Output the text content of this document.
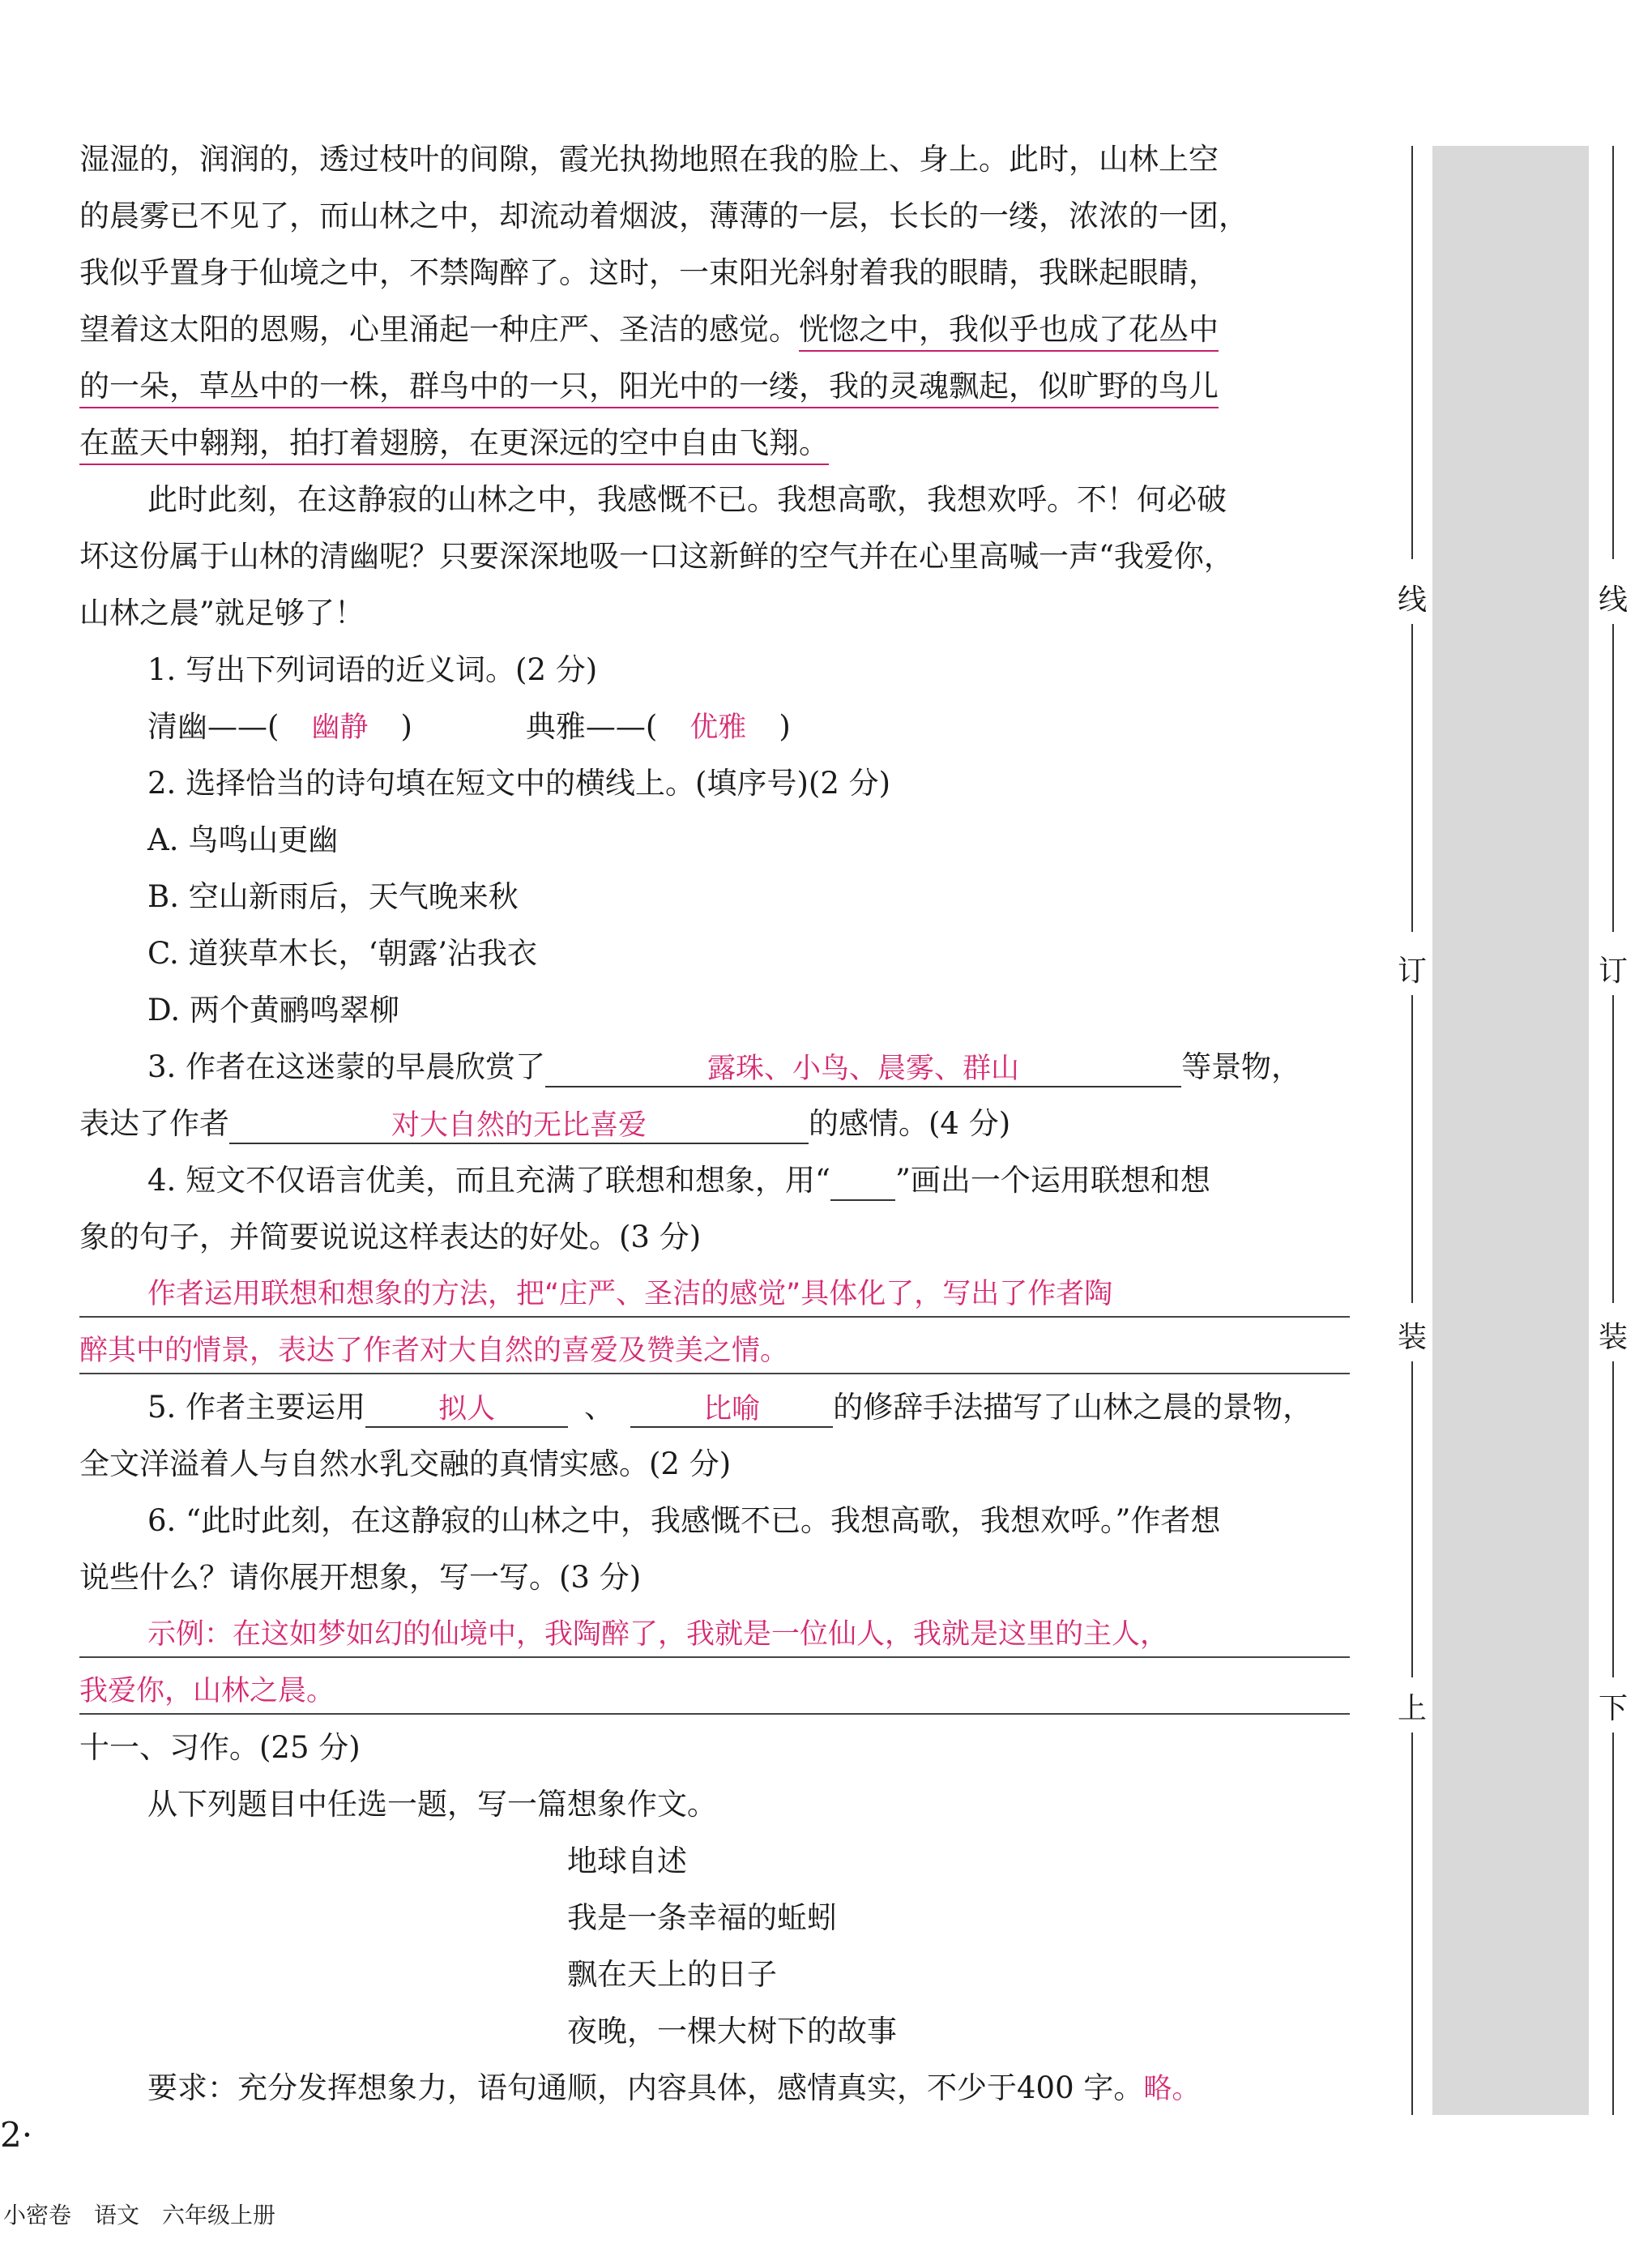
湿湿的，润润的，透过枝叶的间隙，霞光执拗地照在我的脸上、身上。此时，山林上空
的晨雾已不见了，而山林之中，却流动着烟波，薄薄的一层，长长的一缕，浓浓的一团，
我似乎置身于仙境之中，不禁陶醉了。这时，一束阳光斜射着我的眼睛，我眯起眼睛，
望着这太阳的恩赐，心里涌起一种庄严、圣洁的感觉。恍惚之中，我似乎也成了花丛中
的一朵，草丛中的一株，群鸟中的一只，阳光中的一缕，我的灵魂飘起，似旷野的鸟儿
在蓝天中翱翔，拍打着翅膀，在更深远的空中自由飞翔。
此时此刻，在这静寂的山林之中，我感慨不已。我想高歌，我想欢呼。不！何必破
坏这份属于山林的清幽呢？只要深深地吸一口这新鲜的空气并在心里高喊一声“我爱你，
山林之晨”就足够了！
1. 写出下列词语的近义词。(2 分)
清幽——( 幽静 )	典雅——( 优雅 )
2. 选择恰当的诗句填在短文中的横线上。(填序号)(2 分)
A. 鸟鸣山更幽
B. 空山新雨后，天气晚来秋
C. 道狭草木长，‘朝露’沾我衣
D. 两个黄鹂鸣翠柳
3. 作者在这迷蒙的早晨欣赏了	露珠、小鸟、晨雾、群山	等景物，
表达了作者	对大自然的无比喜爱	的感情。(4 分)
4. 短文不仅语言优美，而且充满了联想和想象，用“ ”画出一个运用联想和想
象的句子，并简要说说这样表达的好处。(3 分)
作者运用联想和想象的方法，把“庄严、圣洁的感觉”具体化了，写出了作者陶
醉其中的情景，表达了作者对大自然的喜爱及赞美之情。
5. 作者主要运用	拟人	、	比喻 的修辞手法描写了山林之晨的景物，
全文洋溢着人与自然水乳交融的真情实感。(2 分)
6. “此时此刻，在这静寂的山林之中，我感慨不已。我想高歌，我想欢呼。”作者想
说些什么？请你展开想象，写一写。(3 分)
示例：在这如梦如幻的仙境中，我陶醉了，我就是一位仙人，我就是这里的主人，
我爱你，山林之晨。
十一、习作。(25 分)
从下列题目中任选一题，写一篇想象作文。
地球自述
我是一条幸福的蚯蚓
飘在天上的日子
夜晚，一棵大树下的故事
要求：充分发挥想象力，语句通顺，内容具体，感情真实，不少于400 字。略。
2·
小密卷　语文　六年级上册
线
订
装
上
线
订
装
下
